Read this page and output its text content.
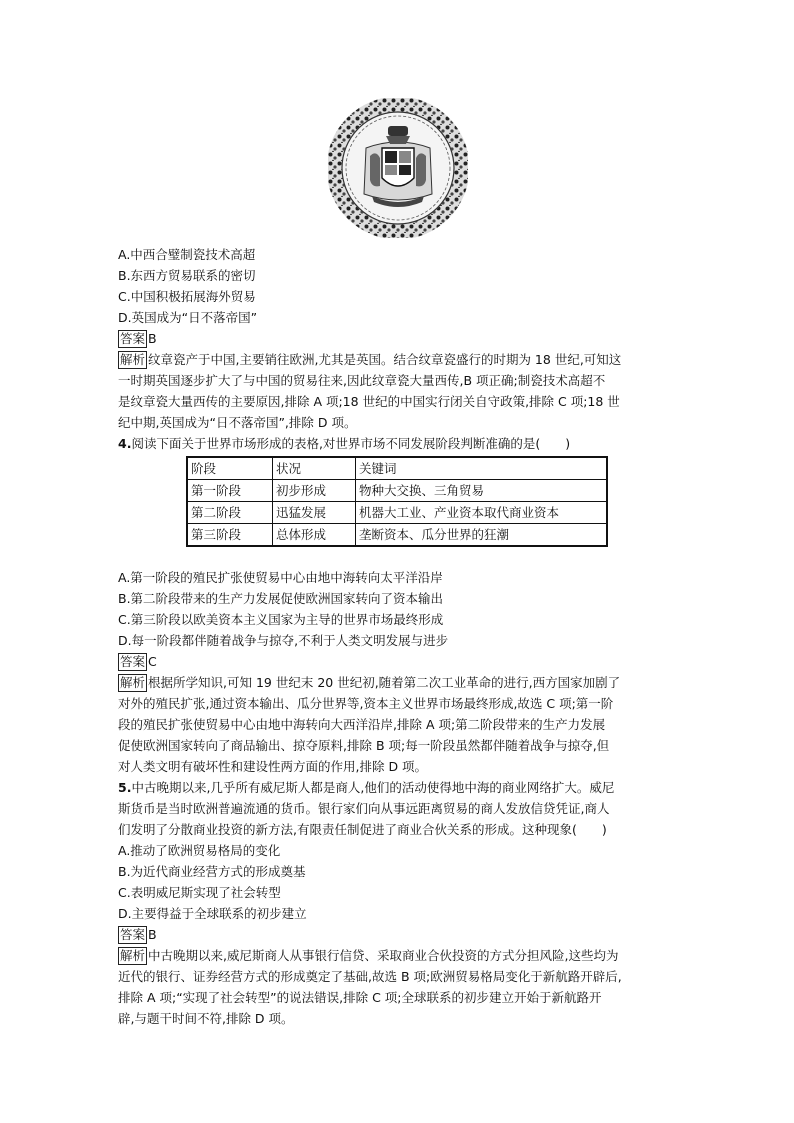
A.中西合璧制瓷技术高超

B.东西方贸易联系的密切

C.中国积极拓展海外贸易

D.英国成为“日不落帝国”

答案 B

解析 纹章瓷产于中国,主要销往欧洲,尤其是英国。结合纹章瓷盛行的时期为 18 世纪,可知这

一时期英国逐步扩大了与中国的贸易往来,因此纹章瓷大量西传,B 项正确;制瓷技术高超不

是纹章瓷大量西传的主要原因,排除 A 项;18 世纪的中国实行闭关自守政策,排除 C 项;18 世

纪中期,英国成为“日不落帝国”,排除 D 项。

4.阅读下面关于世界市场形成的表格,对世界市场不同发展阶段判断准确的是(　　)

阶段	状况	关键词
第一阶段	初步形成	物种大交换、三角贸易
第二阶段	迅猛发展	机器大工业、产业资本取代商业资本
第三阶段	总体形成	垄断资本、瓜分世界的狂潮

A.第一阶段的殖民扩张使贸易中心由地中海转向太平洋沿岸

B.第二阶段带来的生产力发展促使欧洲国家转向了资本输出

C.第三阶段以欧美资本主义国家为主导的世界市场最终形成

D.每一阶段都伴随着战争与掠夺,不利于人类文明发展与进步

答案 C

解析 根据所学知识,可知 19 世纪末 20 世纪初,随着第二次工业革命的进行,西方国家加剧了

对外的殖民扩张,通过资本输出、瓜分世界等,资本主义世界市场最终形成,故选 C 项;第一阶

段的殖民扩张使贸易中心由地中海转向大西洋沿岸,排除 A 项;第二阶段带来的生产力发展

促使欧洲国家转向了商品输出、掠夺原料,排除 B 项;每一阶段虽然都伴随着战争与掠夺,但

对人类文明有破坏性和建设性两方面的作用,排除 D 项。

5.中古晚期以来,几乎所有威尼斯人都是商人,他们的活动使得地中海的商业网络扩大。威尼

斯货币是当时欧洲普遍流通的货币。银行家们向从事远距离贸易的商人发放信贷凭证,商人

们发明了分散商业投资的新方法,有限责任制促进了商业合伙关系的形成。这种现象(　　)

A.推动了欧洲贸易格局的变化

B.为近代商业经营方式的形成奠基

C.表明威尼斯实现了社会转型

D.主要得益于全球联系的初步建立

答案 B

解析 中古晚期以来,威尼斯商人从事银行信贷、采取商业合伙投资的方式分担风险,这些均为

近代的银行、证券经营方式的形成奠定了基础,故选 B 项;欧洲贸易格局变化于新航路开辟后,

排除 A 项;“实现了社会转型”的说法错误,排除 C 项;全球联系的初步建立开始于新航路开

辟,与题干时间不符,排除 D 项。
